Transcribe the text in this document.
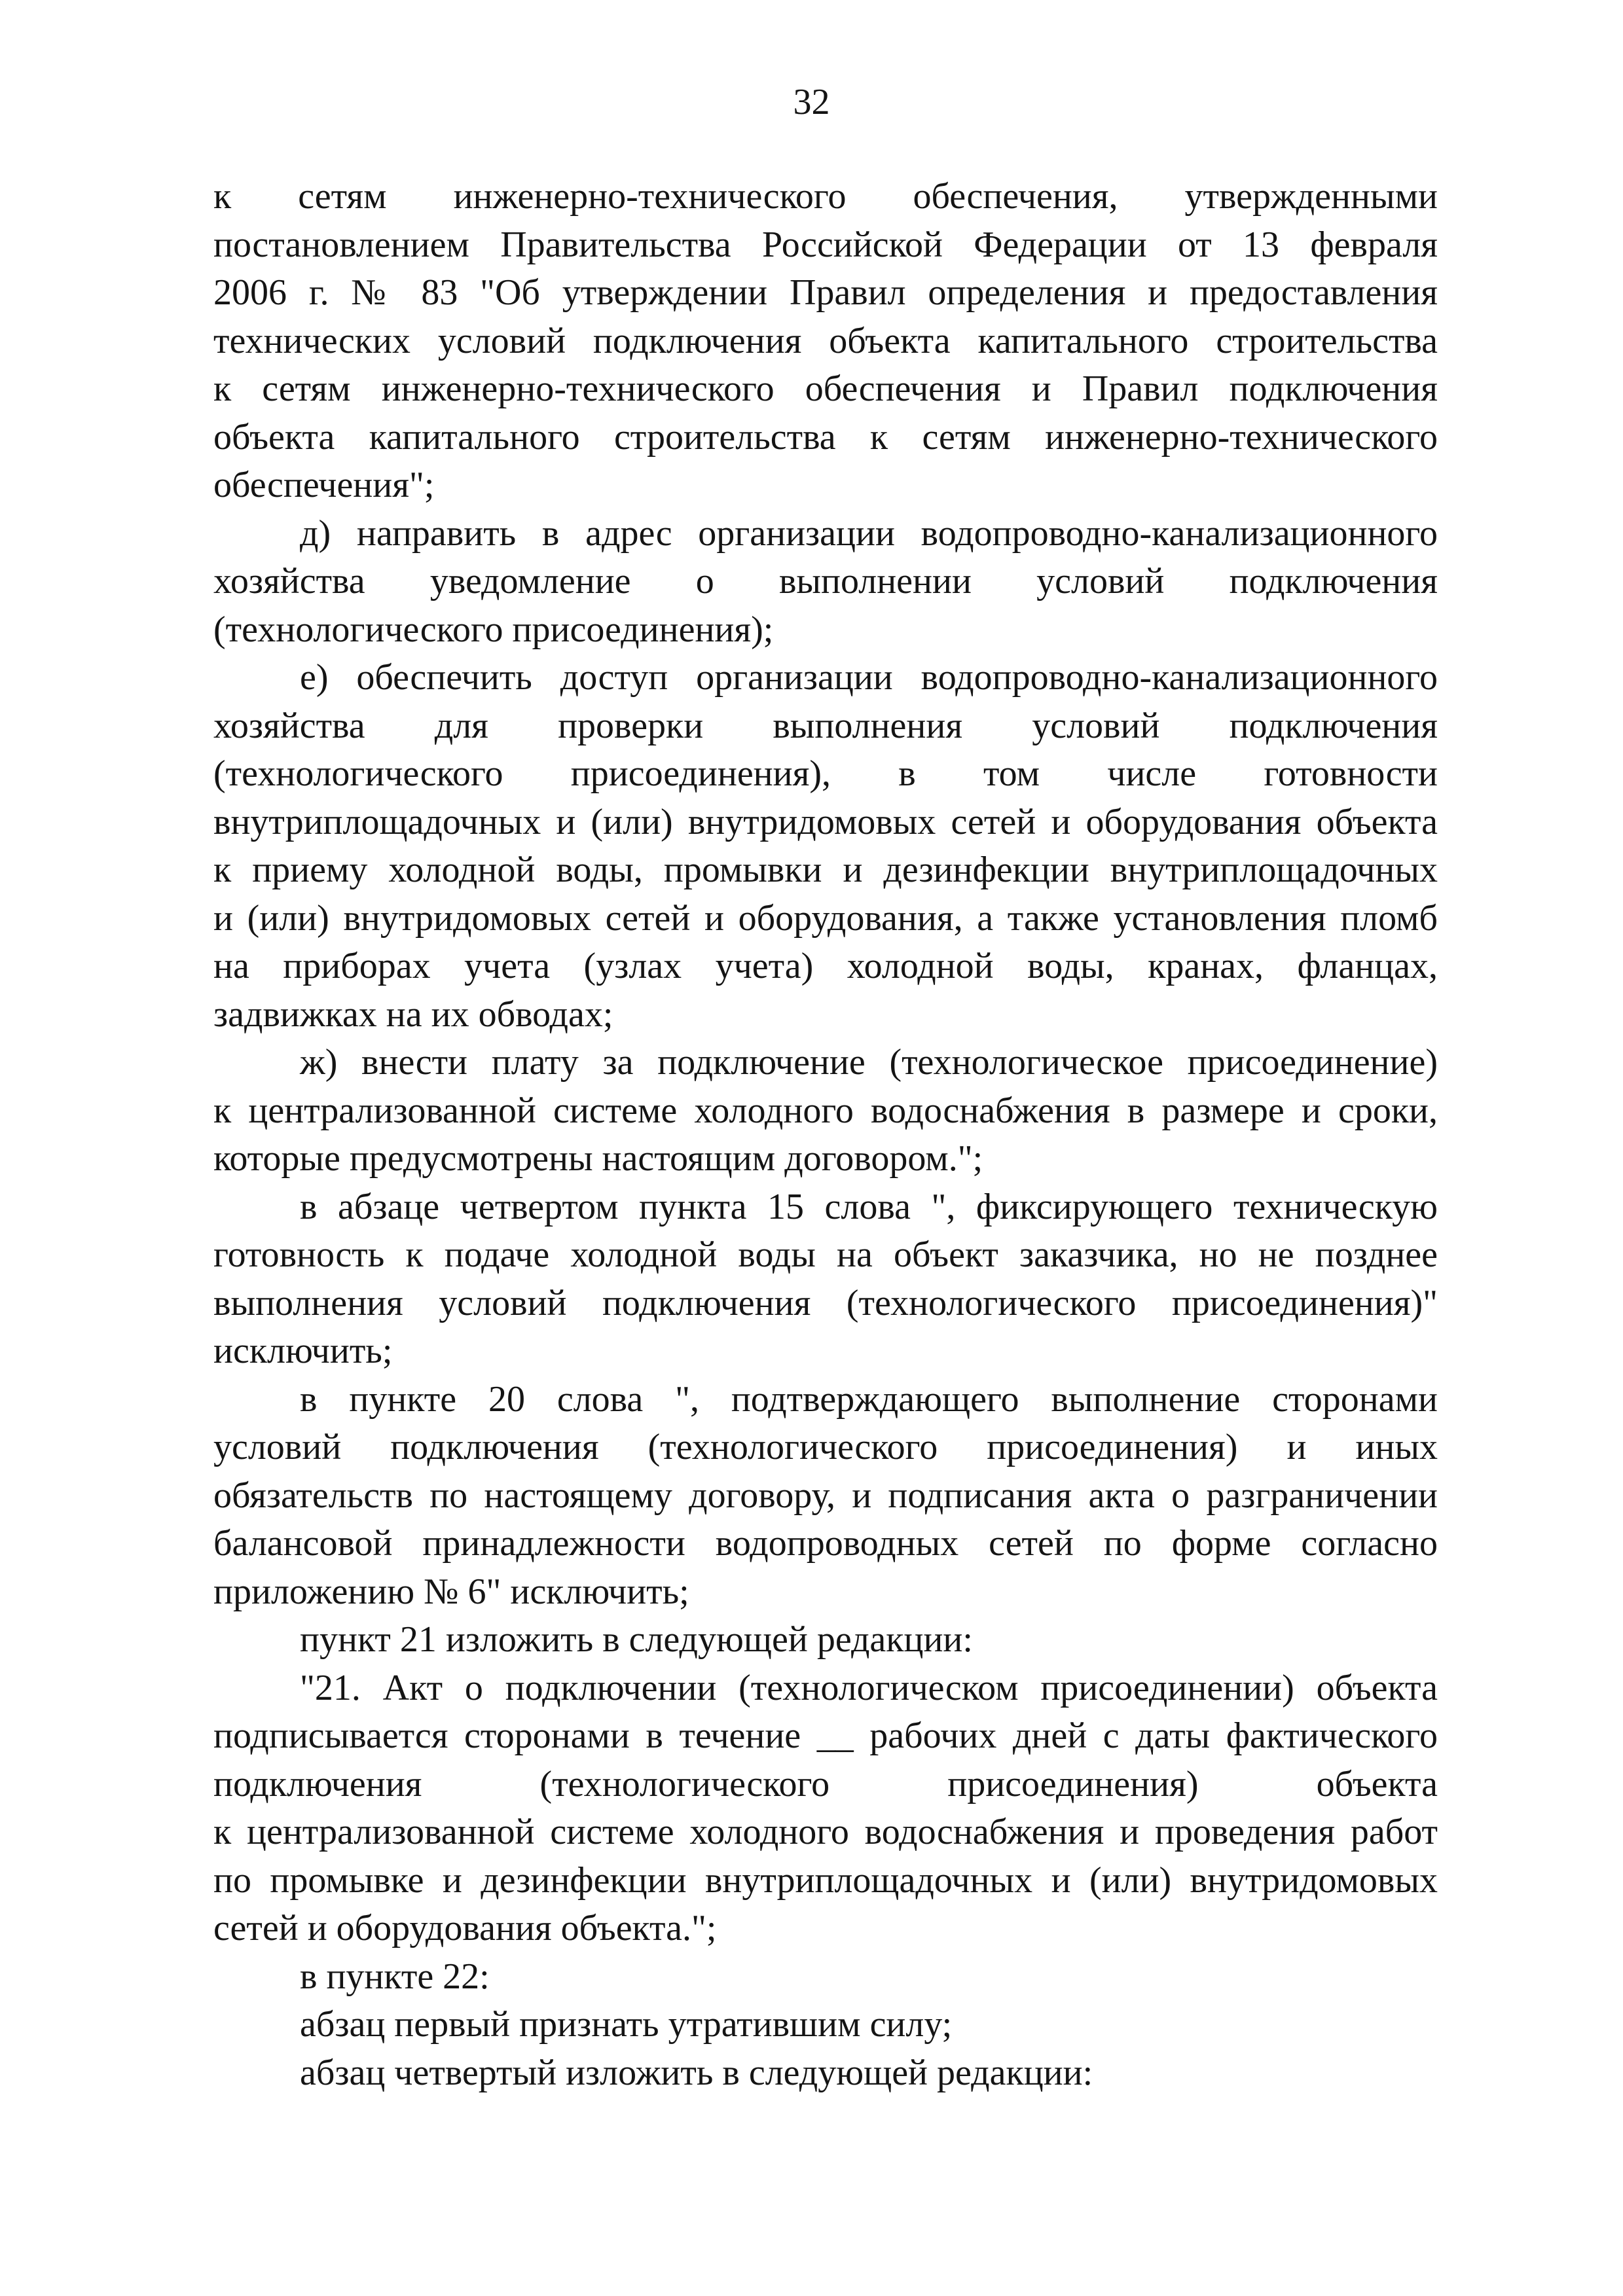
32
к сетям инженерно-технического обеспечения, утвержденными
постановлением Правительства Российской Федерации от 13 февраля
2006 г. № 83 "Об утверждении Правил определения и предоставления
технических условий подключения объекта капитального строительства
к сетям инженерно-технического обеспечения и Правил подключения
объекта капитального строительства к сетям инженерно-технического
обеспечения";
д) направить в адрес организации водопроводно-канализационного
хозяйства уведомление о выполнении условий подключения
(технологического присоединения);
е) обеспечить доступ организации водопроводно-канализационного
хозяйства для проверки выполнения условий подключения
(технологического присоединения), в том числе готовности
внутриплощадочных и (или) внутридомовых сетей и оборудования объекта
к приему холодной воды, промывки и дезинфекции внутриплощадочных
и (или) внутридомовых сетей и оборудования, а также установления пломб
на приборах учета (узлах учета) холодной воды, кранах, фланцах,
задвижках на их обводах;
ж) внести плату за подключение (технологическое присоединение)
к централизованной системе холодного водоснабжения в размере и сроки,
которые предусмотрены настоящим договором.";
в абзаце четвертом пункта 15 слова ", фиксирующего техническую
готовность к подаче холодной воды на объект заказчика, но не позднее
выполнения условий подключения (технологического присоединения)"
исключить;
в пункте 20 слова ", подтверждающего выполнение сторонами
условий подключения (технологического присоединения) и иных
обязательств по настоящему договору, и подписания акта о разграничении
балансовой принадлежности водопроводных сетей по форме согласно
приложению № 6" исключить;
пункт 21 изложить в следующей редакции:
"21. Акт о подключении (технологическом присоединении) объекта
подписывается сторонами в течение __ рабочих дней с даты фактического
подключения (технологического присоединения) объекта
к централизованной системе холодного водоснабжения и проведения работ
по промывке и дезинфекции внутриплощадочных и (или) внутридомовых
сетей и оборудования объекта.";
в пункте 22:
абзац первый признать утратившим силу;
абзац четвертый изложить в следующей редакции:
